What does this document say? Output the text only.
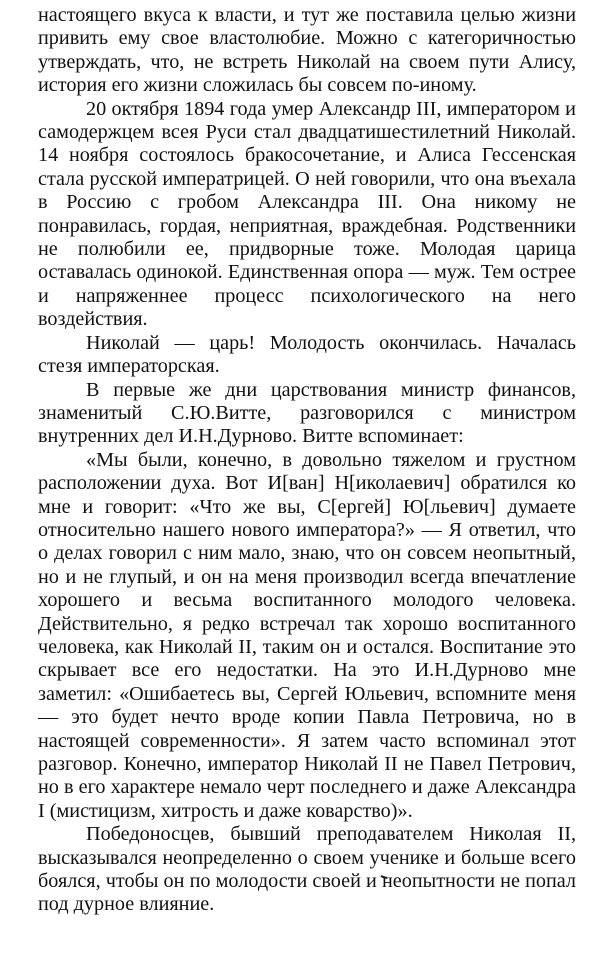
настоящего вкуса к власти, и тут же поставила целью жизни привить ему свое властолюбие. Можно с категоричностью утверждать, что, не встреть Николай на своем пути Алису, история его жизни сложилась бы совсем по-иному.

20 октября 1894 года умер Александр III, императором и самодержцем всея Руси стал двадцатишестилетний Николай. 14 ноября состоялось бракосочетание, и Алиса Гессенская стала русской императрицей. О ней говорили, что она въехала в Россию с гробом Александра III. Она никому не понравилась, гордая, неприятная, враждебная. Родственники не полюбили ее, придворные тоже. Молодая царица оставалась одинокой. Единственная опора — муж. Тем острее и напряженнее процесс психологического на него воздействия.

Николай — царь! Молодость окончилась. Началась стезя императорская.

В первые же дни царствования министр финансов, знаменитый С.Ю.Витте, разговорился с министром внутренних дел И.Н.Дурново. Витте вспоминает:

«Мы были, конечно, в довольно тяжелом и грустном расположении духа. Вот И[ван] Н[иколаевич] обратился ко мне и говорит: «Что же вы, С[ергей] Ю[льевич] думаете относительно нашего нового императора?» — Я ответил, что о делах говорил с ним мало, знаю, что он совсем неопытный, но и не глупый, и он на меня производил всегда впечатление хорошего и весьма воспитанного молодого человека. Действительно, я редко встречал так хорошо воспитанного человека, как Николай II, таким он и остался. Воспитание это скрывает все его недостатки. На это И.Н.Дурново мне заметил: «Ошибаетесь вы, Сергей Юльевич, вспомните меня — это будет нечто вроде копии Павла Петровича, но в настоящей современности». Я затем часто вспоминал этот разговор. Конечно, император Николай II не Павел Петрович, но в его характере немало черт последнего и даже Александра I (мистицизм, хитрость и даже коварство)».

Победоносцев, бывший преподавателем Николая II, высказывался неопределенно о своем ученике и больше всего боялся, чтобы он по молодости своей и неопытности не попал под дурное влияние.
